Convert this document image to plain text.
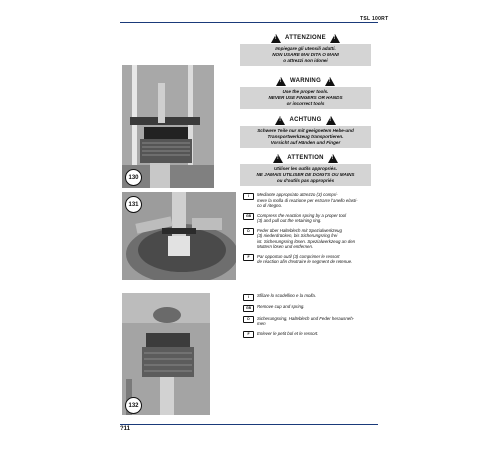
TSL 100RT
130
131
132
!
ATTENZIONE
!
Impiegare gli utensili adatti.
NON USARE MAI DITA O MANI
o attrezzi non idonei
!
WARNING
!
Use the proper tools.
NEVER USE FINGERS OR HANDS
or incorrect tools
!
ACHTUNG
!
Schwere Teile nur mit geeignetem Hebe-und
Transportwerkzeug transportieren.
Vorsicht auf Händen und Finger
!
ATTENTION
!
Utiliser les outils appropriés.
NE JAMAIS UTILISER DE DOIGTS OU MAINS
ou d'outils pas appropriés
I	Mediante appropriato attrezzo (3) compri-
mere la molla di reazione per estrarre l'anello elasti-
co di ritegno.
GB	Compress the reaction spring by a proper tool
(3) and pull out the retaining ring.
D	Feder über Halteblech mit Spezialwerkzeug
(3) niederdrücken, bis Sicherungsring frei
ist. Sicherungsring lösen. Spezialwerkzeug an den
Muttern lösen und entfernen.
F	Par opportun outil (3) comprimer le ressort
de réaction afin d'extraire le segment de retenue.
I	Sfilare lo scodellino e la molla.
GB	Remove cup and spring.
D	Sicherungsring, Halteblech und Feder herausneh-
men
F	Enlever le petit bol et le ressort.
?11
